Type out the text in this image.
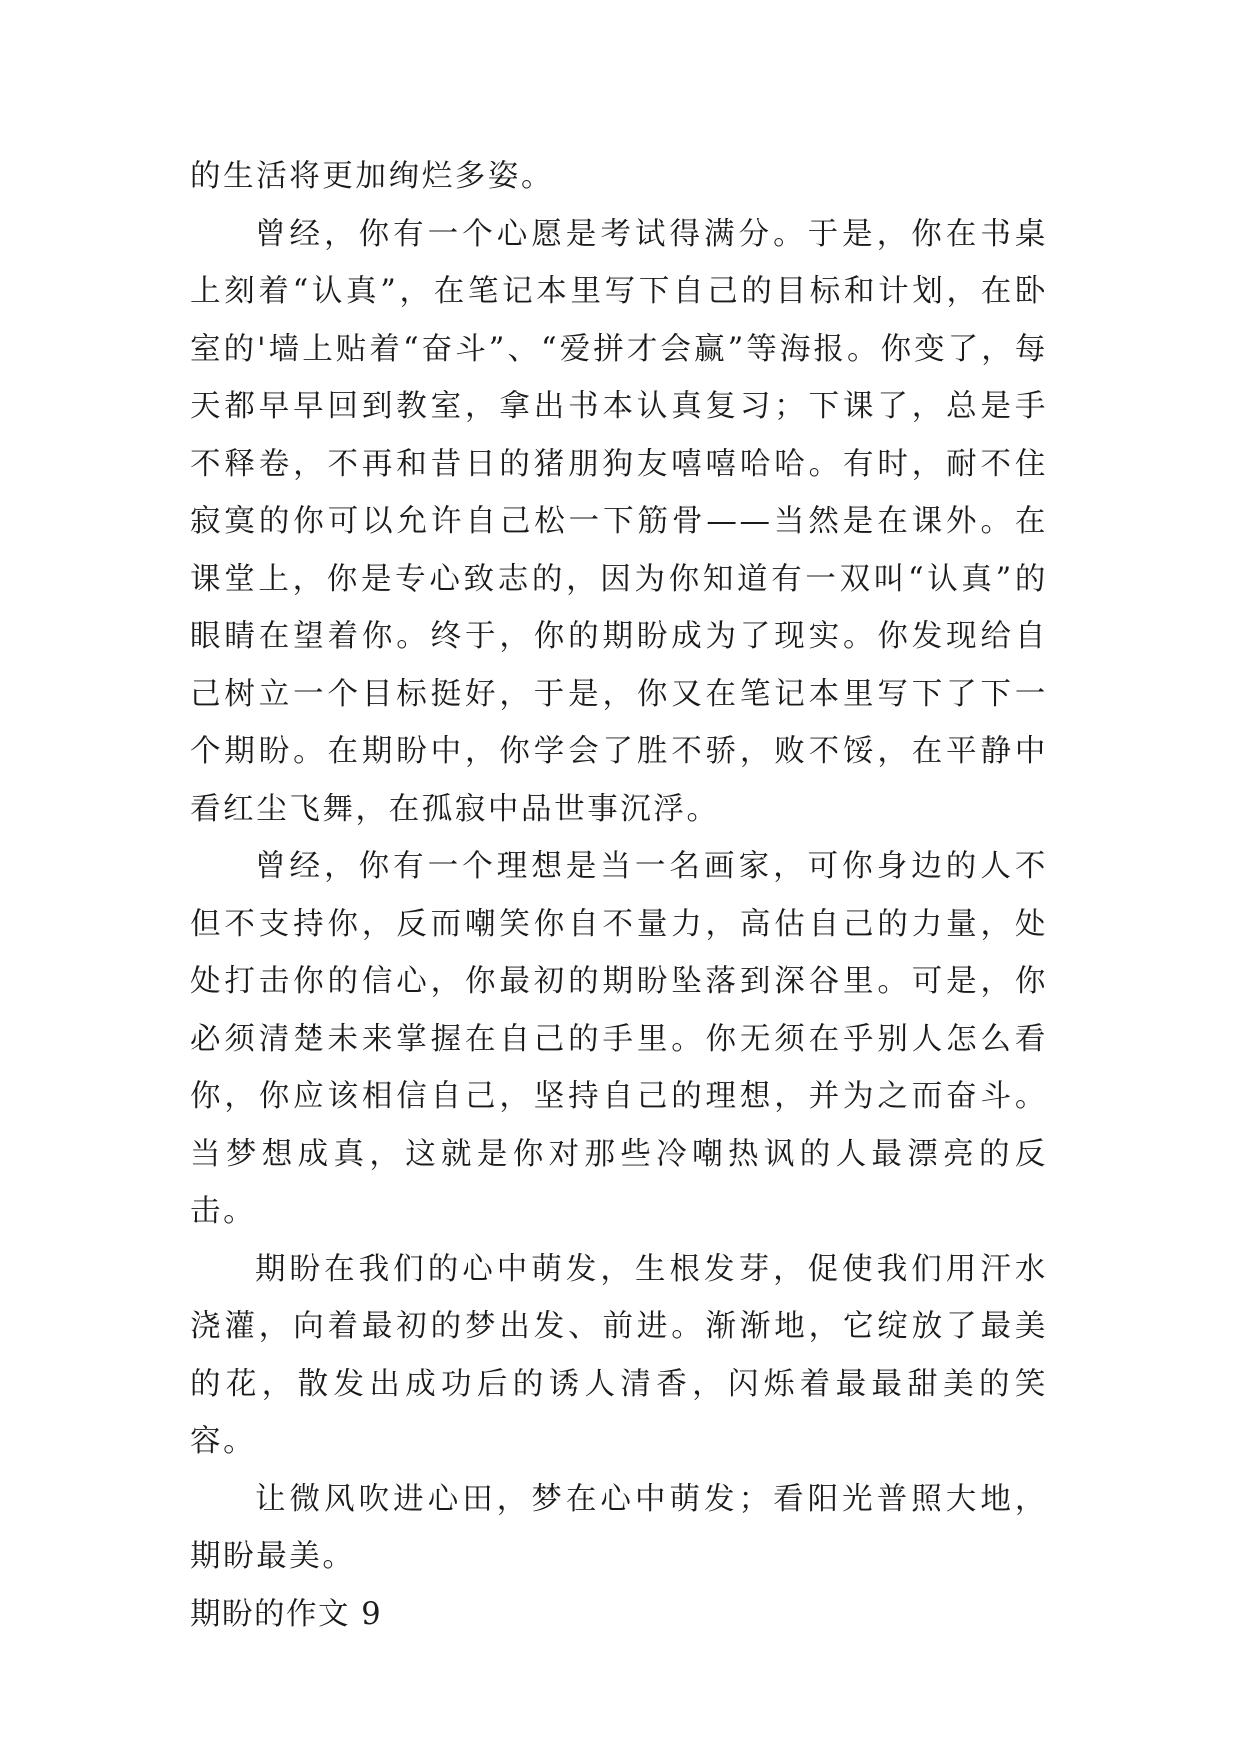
的生活将更加绚烂多姿。

曾经，你有一个心愿是考试得满分。于是，你在书桌上刻着“认真”，在笔记本里写下自己的目标和计划，在卧室的'墙上贴着“奋斗”、“爱拼才会赢”等海报。你变了，每天都早早回到教室，拿出书本认真复习；下课了，总是手不释卷，不再和昔日的猪朋狗友嘻嘻哈哈。有时，耐不住寂寞的你可以允许自己松一下筋骨——当然是在课外。在课堂上，你是专心致志的，因为你知道有一双叫“认真”的眼睛在望着你。终于，你的期盼成为了现实。你发现给自己树立一个目标挺好，于是，你又在笔记本里写下了下一个期盼。在期盼中，你学会了胜不骄，败不馁，在平静中看红尘飞舞，在孤寂中品世事沉浮。

曾经，你有一个理想是当一名画家，可你身边的人不但不支持你，反而嘲笑你自不量力，高估自己的力量，处处打击你的信心，你最初的期盼坠落到深谷里。可是，你必须清楚未来掌握在自己的手里。你无须在乎别人怎么看你，你应该相信自己，坚持自己的理想，并为之而奋斗。当梦想成真，这就是你对那些冷嘲热讽的人最漂亮的反击。

期盼在我们的心中萌发，生根发芽，促使我们用汗水浇灌，向着最初的梦出发、前进。渐渐地，它绽放了最美的花，散发出成功后的诱人清香，闪烁着最最甜美的笑容。

让微风吹进心田，梦在心中萌发；看阳光普照大地，期盼最美。

期盼的作文 9
